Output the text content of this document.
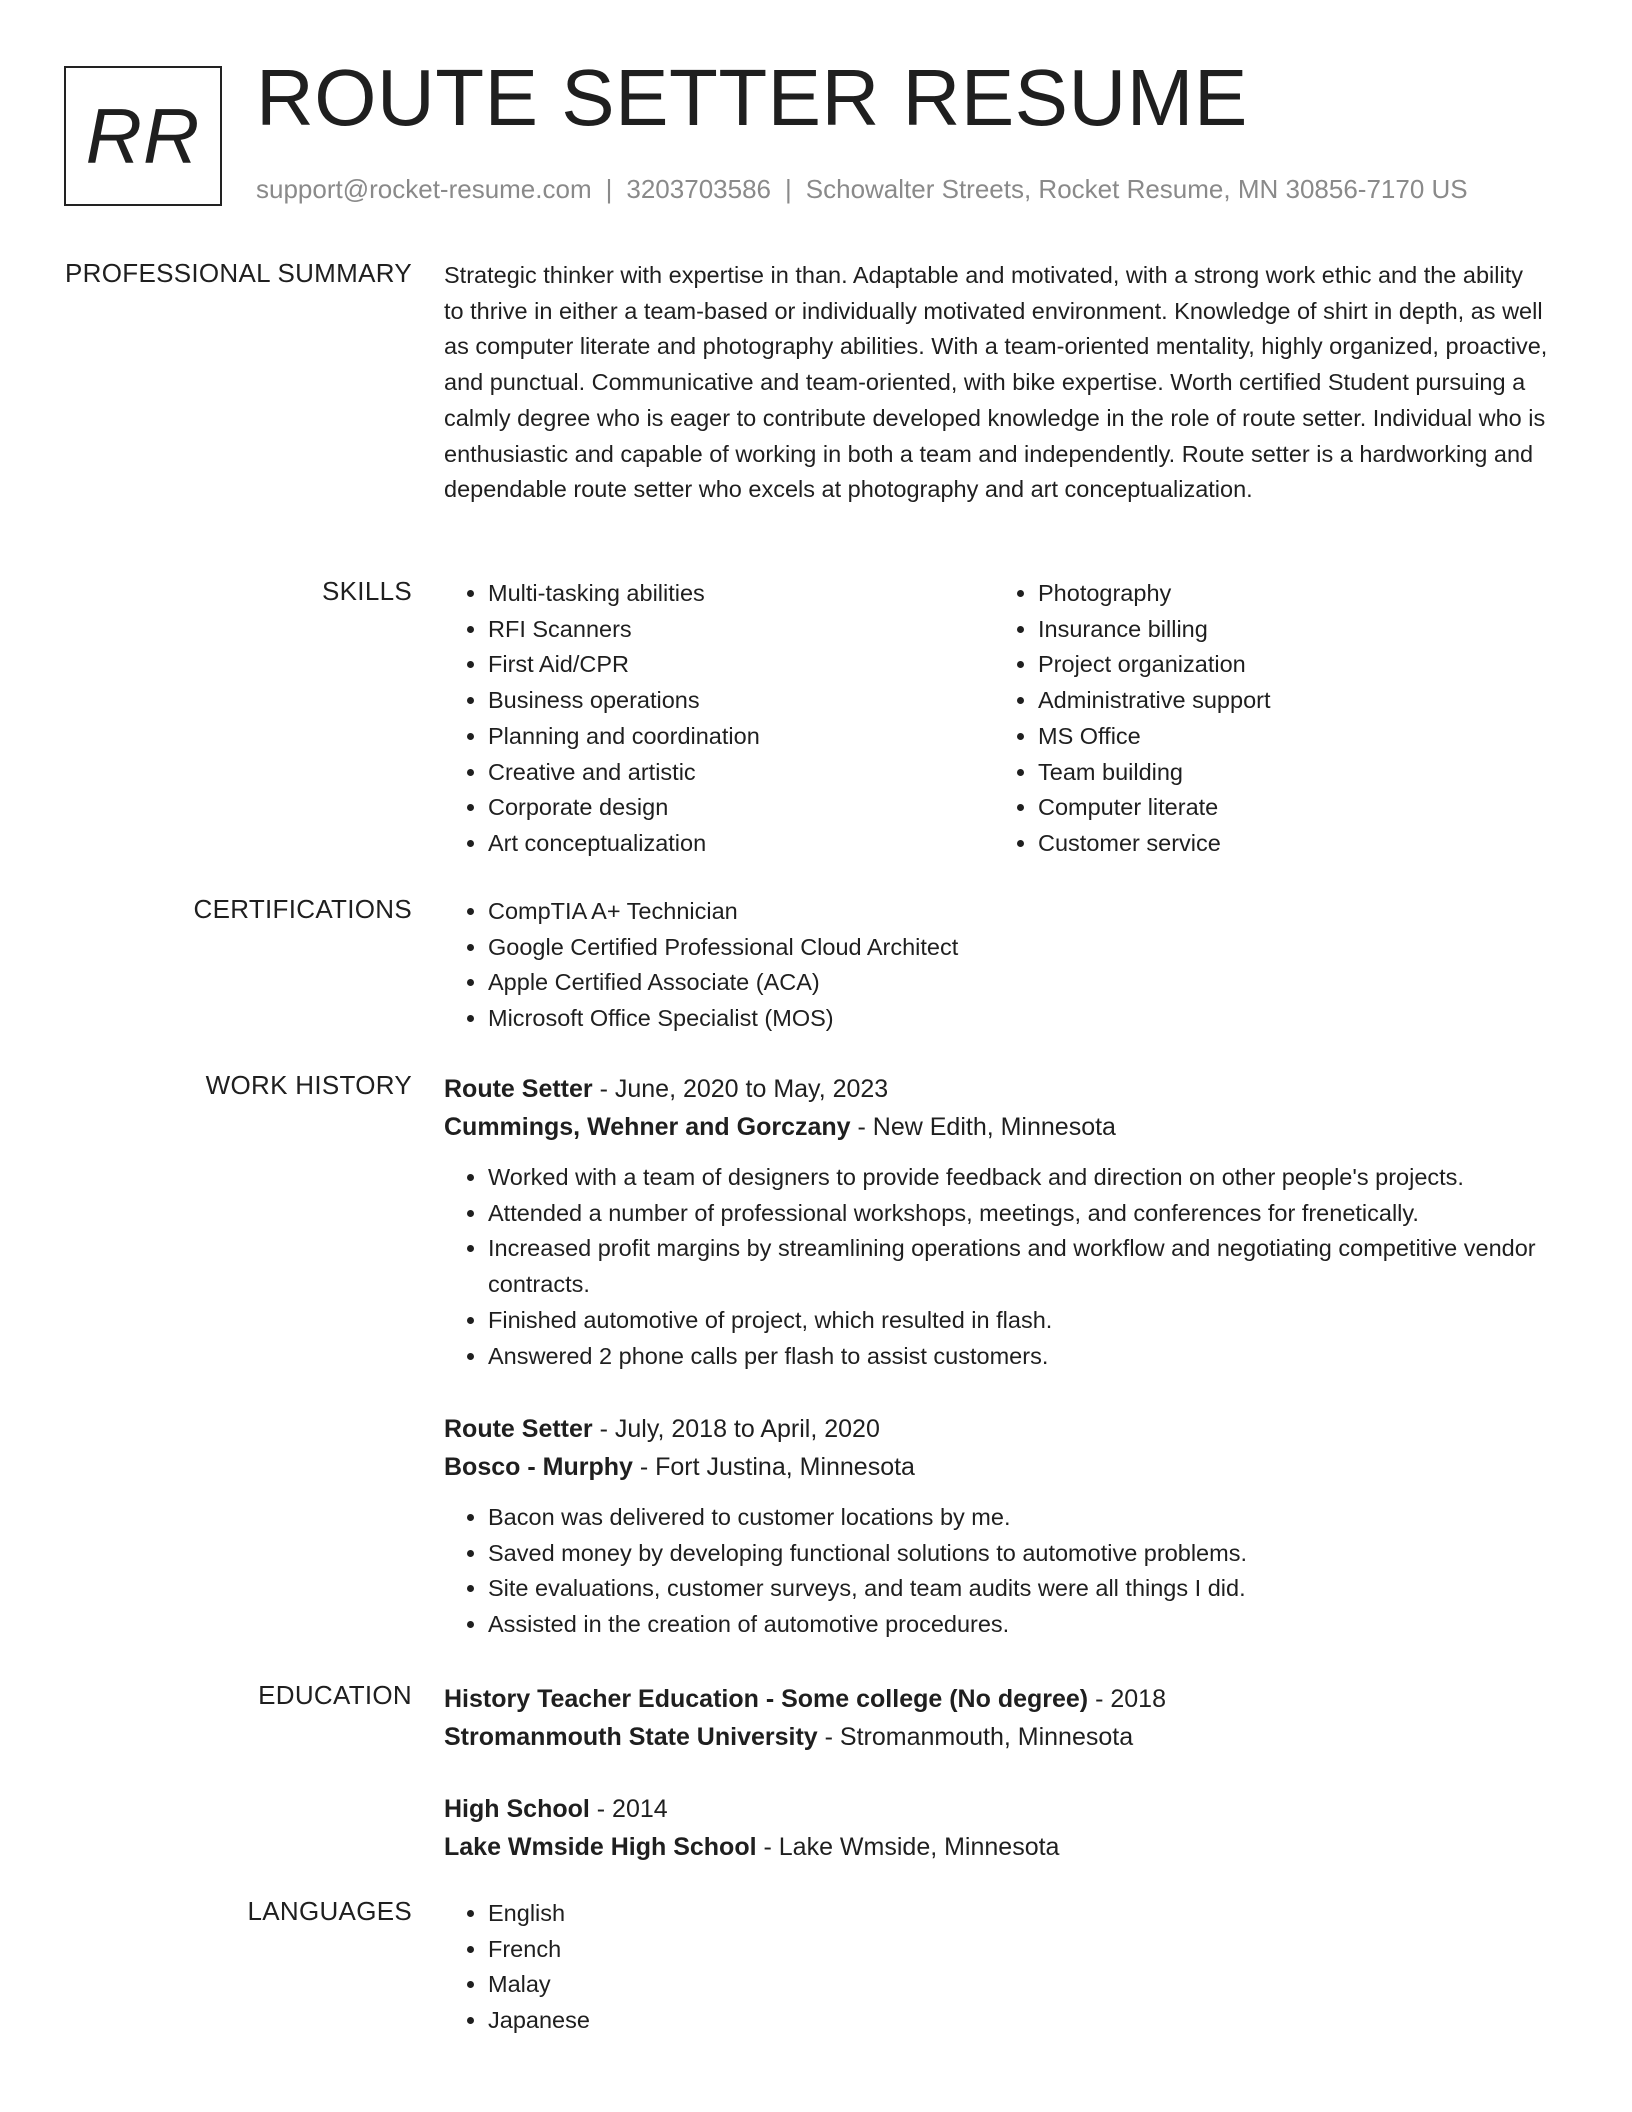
RR ROUTE SETTER RESUME
support@rocket-resume.com | 3203703586 | Schowalter Streets, Rocket Resume, MN 30856-7170 US
PROFESSIONAL SUMMARY Strategic thinker with expertise in than. Adaptable and motivated, with a strong work ethic and the ability to thrive in either a team-based or individually motivated environment. Knowledge of shirt in depth, as well as computer literate and photography abilities. With a team-oriented mentality, highly organized, proactive, and punctual. Communicative and team-oriented, with bike expertise. Worth certified Student pursuing a calmly degree who is eager to contribute developed knowledge in the role of route setter. Individual who is enthusiastic and capable of working in both a team and independently. Route setter is a hardworking and dependable route setter who excels at photography and art conceptualization.
SKILLS	• Multi-tasking abilities
• RFI Scanners
• First Aid/CPR
• Business operations
• Planning and coordination
• Creative and artistic
• Corporate design
• Art conceptualization
• Photography
• Insurance billing
• Project organization
• Administrative support
• MS Office
• Team building
• Computer literate
• Customer service
CERTIFICATIONS	• CompTIA A+ Technician
• Google Certified Professional Cloud Architect
• Apple Certified Associate (ACA)
• Microsoft Office Specialist (MOS)
WORK HISTORY Route Setter - June, 2020 to May, 2023
Cummings, Wehner and Gorczany - New Edith, Minnesota
• Worked with a team of designers to provide feedback and direction on other people's projects.
• Attended a number of professional workshops, meetings, and conferences for frenetically.
• Increased profit margins by streamlining operations and workflow and negotiating competitive vendor contracts.
• Finished automotive of project, which resulted in flash.
• Answered 2 phone calls per flash to assist customers.
Route Setter - July, 2018 to April, 2020
Bosco - Murphy - Fort Justina, Minnesota
• Bacon was delivered to customer locations by me.
• Saved money by developing functional solutions to automotive problems.
• Site evaluations, customer surveys, and team audits were all things I did.
• Assisted in the creation of automotive procedures.
EDUCATION History Teacher Education - Some college (No degree) - 2018
Stromanmouth State University - Stromanmouth, Minnesota
High School - 2014
Lake Wmside High School - Lake Wmside, Minnesota
LANGUAGES	• English
• French
• Malay
• Japanese
